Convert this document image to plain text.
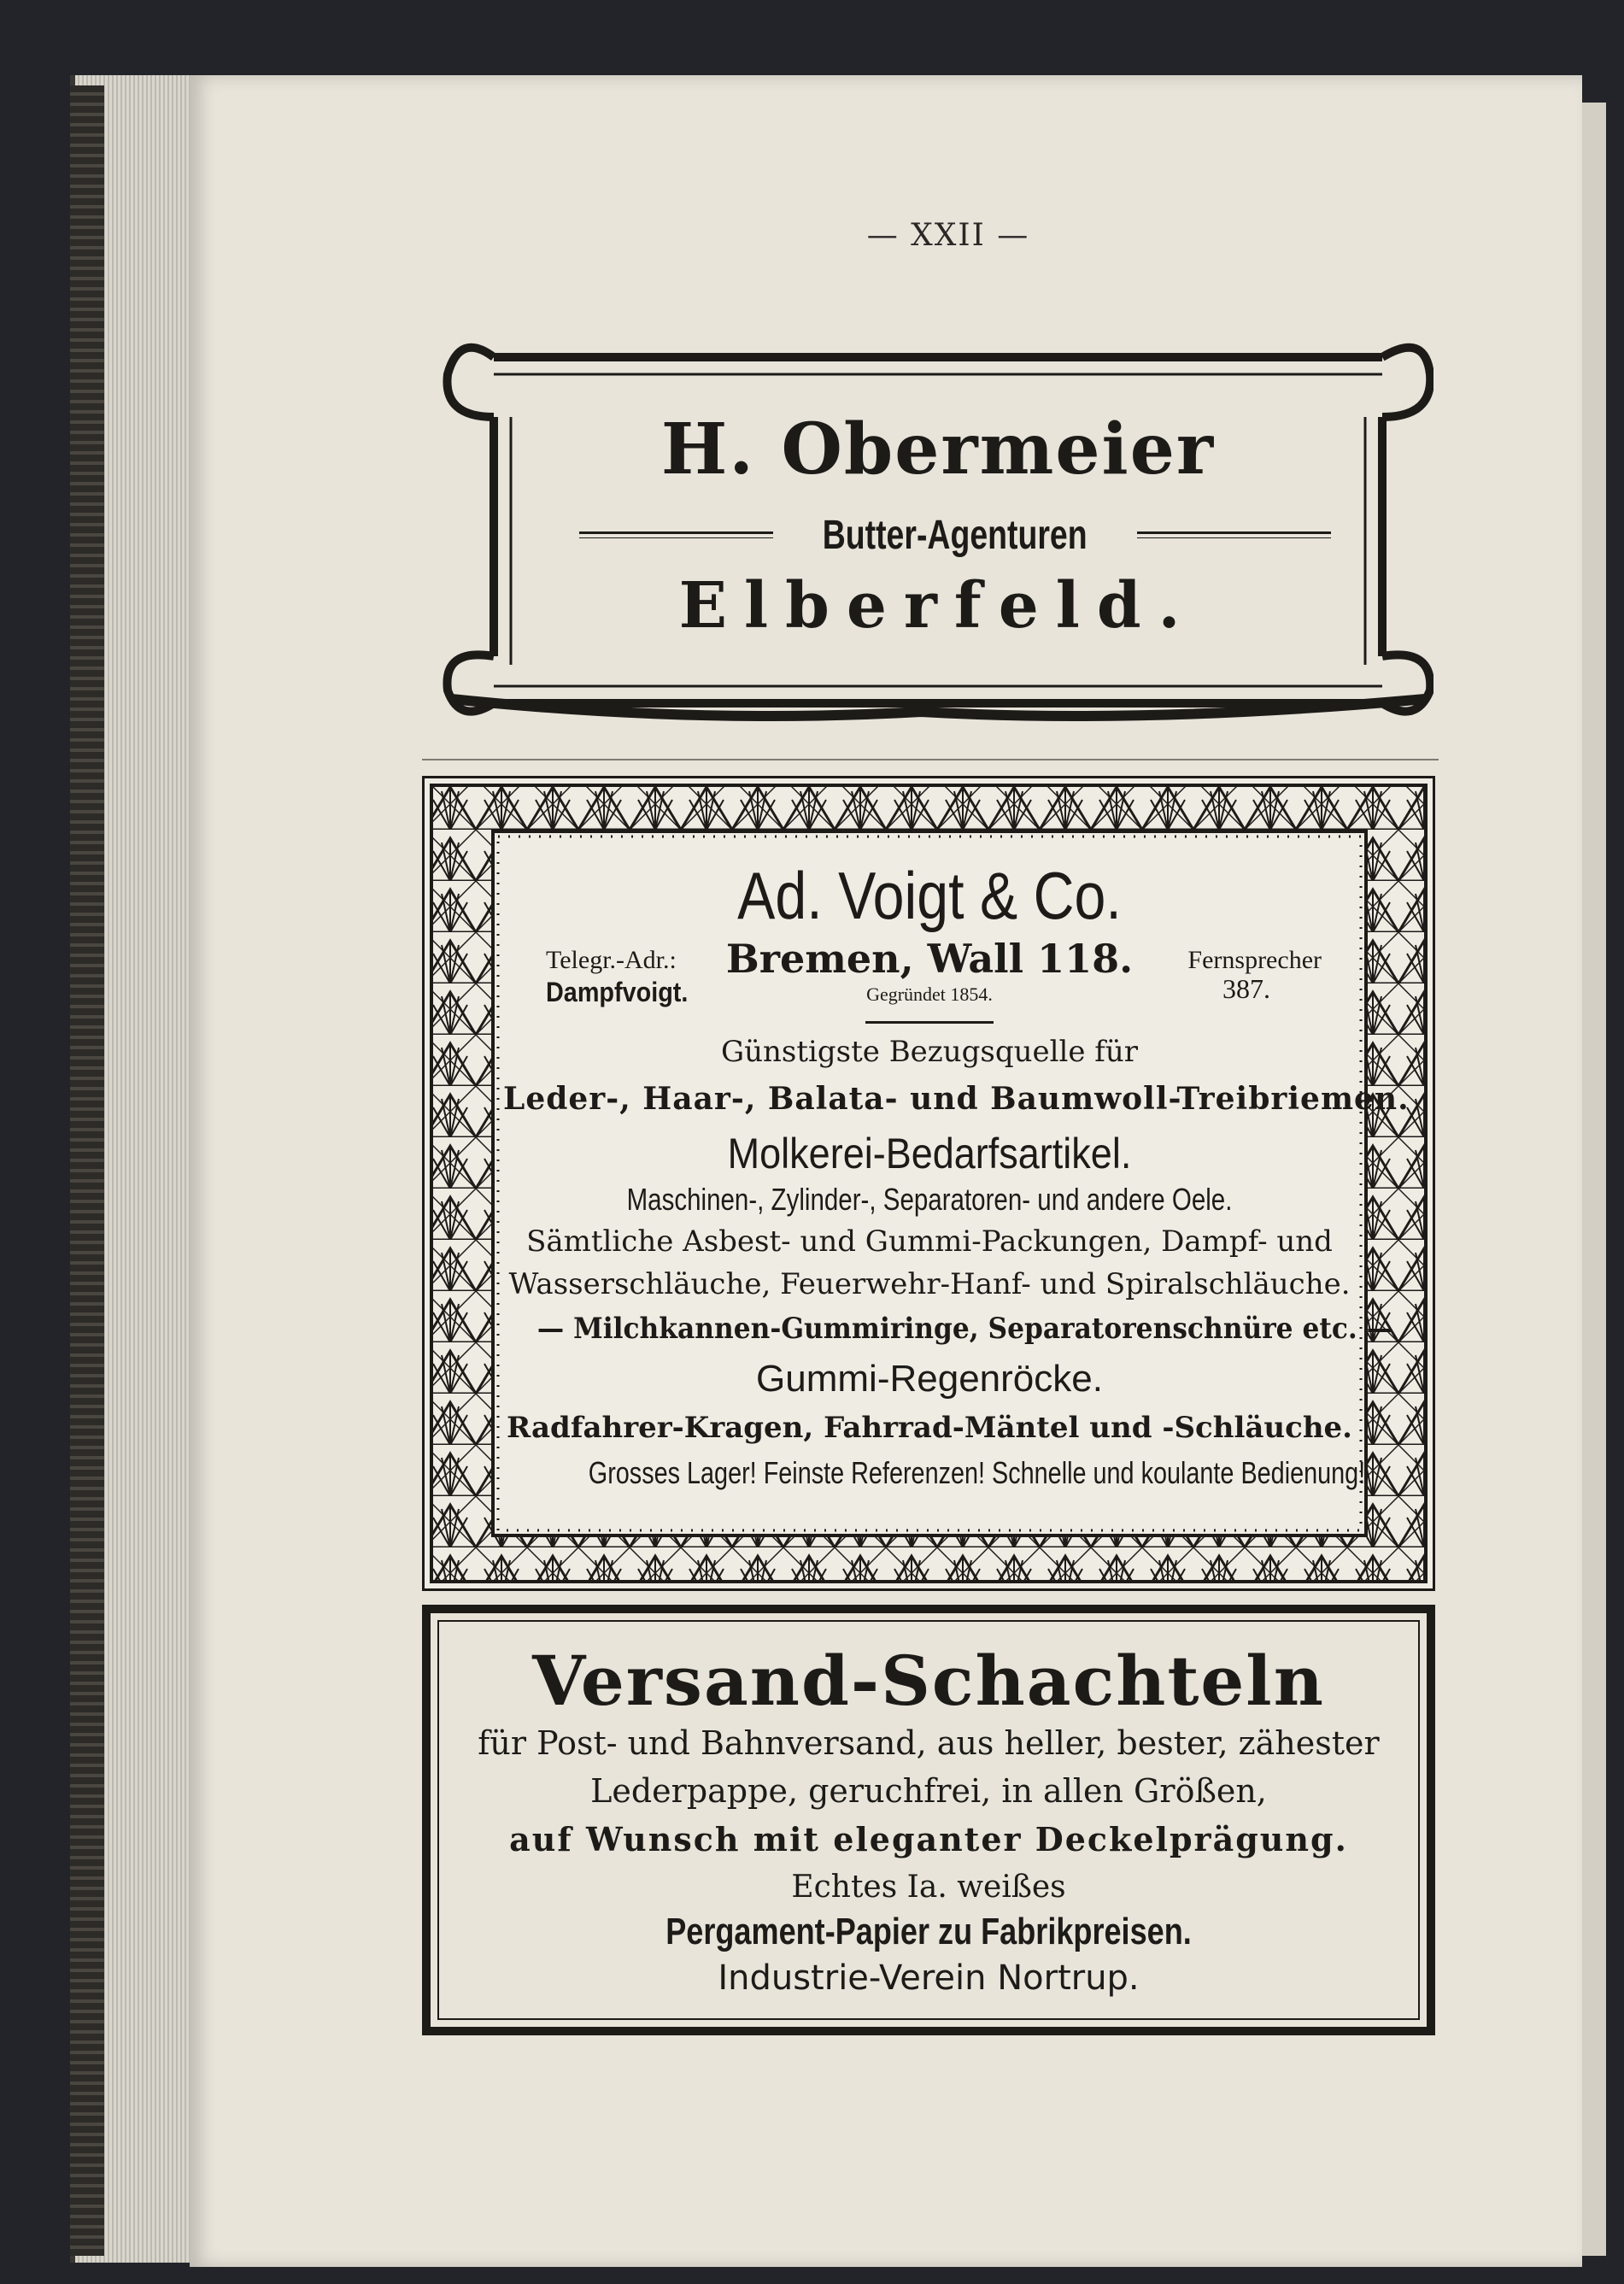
— XXII —
H. Obermeier
Butter-Agenturen
Elberfeld.
Ad. Voigt & Co.
Telegr.-Adr.:
Dampfvoigt.
Bremen, Wall 118.
Gegründet 1854.
Fernsprecher
387.
Günstigste Bezugsquelle für
Leder-, Haar-, Balata- und Baumwoll-Treibriemen.
Molkerei-Bedarfsartikel.
Maschinen-, Zylinder-, Separatoren- und andere Oele.
Sämtliche Asbest- und Gummi-Packungen, Dampf- und
Wasserschläuche, Feuerwehr-Hanf- und Spiralschläuche.
— Milchkannen-Gummiringe, Separatorenschnüre etc. —
Gummi-Regenröcke.
Radfahrer-Kragen, Fahrrad-Mäntel und -Schläuche.
Grosses Lager! Feinste Referenzen! Schnelle und koulante Bedienung!
Versand-Schachteln
für Post- und Bahnversand, aus heller, bester, zähester
Lederpappe, geruchfrei, in allen Größen,
auf Wunsch mit eleganter Deckelprägung.
Echtes Ia. weißes
Pergament-Papier zu Fabrikpreisen.
Industrie-Verein Nortrup.
